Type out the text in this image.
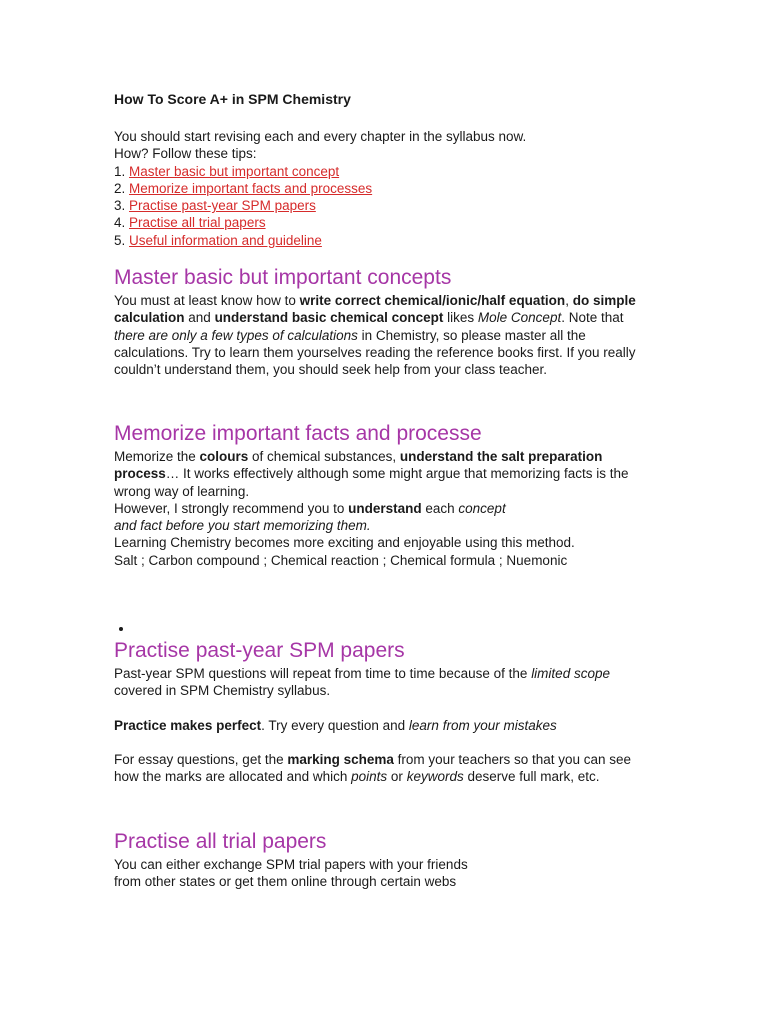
How To Score A+ in SPM Chemistry

You should start revising each and every chapter in the syllabus now.

How? Follow these tips:

1. Master basic but important concept
2. Memorize important facts and processes
3. Practise past-year SPM papers
4. Practise all trial papers
5. Useful information and guideline
Master basic but important concepts

You must at least know how to write correct chemical/ionic/half equation, do simple calculation and understand basic chemical concept likes Mole Concept. Note that there are only a few types of calculations in Chemistry, so please master all the calculations. Try to learn them yourselves reading the reference books first. If you really couldn’t understand them, you should seek help from your class teacher.

Memorize important facts and processe

Memorize the colours of chemical substances, understand the salt preparation process… It works effectively although some might argue that memorizing facts is the wrong way of learning.

However, I strongly recommend you to understand each concept

and fact before you start memorizing them.

Learning Chemistry becomes more exciting and enjoyable using this method.

Salt ; Carbon compound ; Chemical reaction ; Chemical formula ; Nuemonic

Practise past-year SPM papers

Past-year SPM questions will repeat from time to time because of the limited scope covered in SPM Chemistry syllabus.

Practice makes perfect. Try every question and learn from your mistakes

For essay questions, get the marking schema from your teachers so that you can see how the marks are allocated and which points or keywords deserve full mark, etc.

Practise all trial papers

You can either exchange SPM trial papers with your friends

from other states or get them online through certain webs
